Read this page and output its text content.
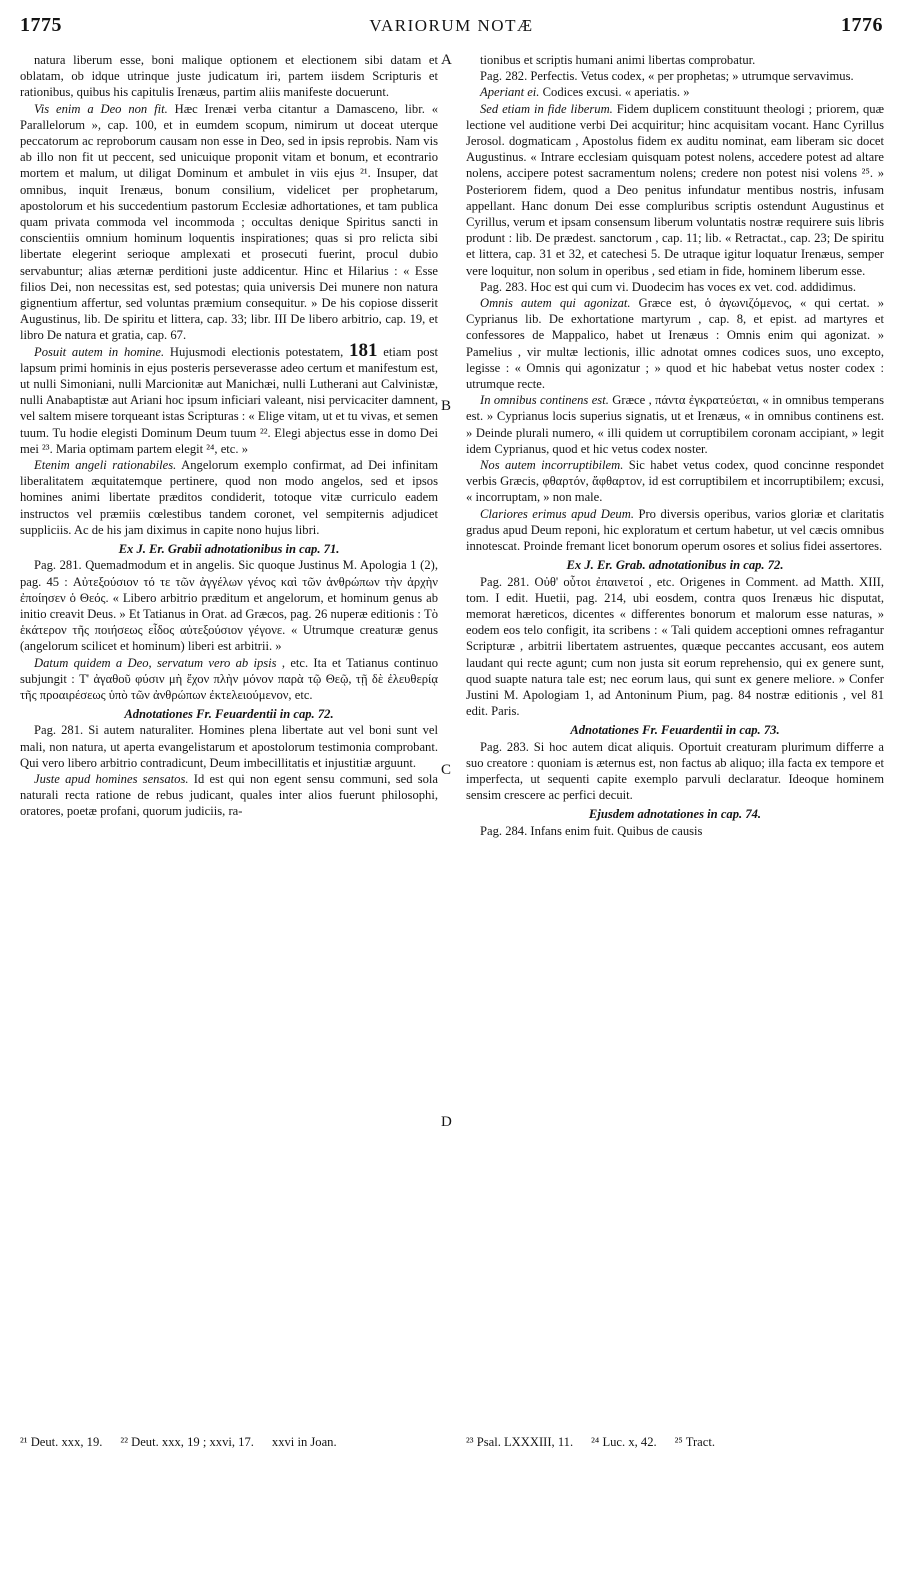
1775	VARIORUM NOTÆ	1776

natura liberum esse, boni malique optionem et electionem sibi datam et oblatam, ob idque utrinque juste judicatum iri, partem iisdem Scripturis et rationibus, quibus his capitulis Irenæus, partim aliis manifeste docuerunt.

Vis enim a Deo non fit. Hæc Irenæi verba citantur a Damasceno, libr. « Parallelorum », cap. 100, et in eumdem scopum, nimirum ut doceat uterque peccatorum ac reproborum causam non esse in Deo, sed in ipsis reprobis. Nam vis ab illo non fit ut peccent, sed unicuique proponit vitam et bonum, et econtrario mortem et malum, ut diligat Dominum et ambulet in viis ejus ²¹. Insuper, dat omnibus, inquit Irenæus, bonum consilium, videlicet per prophetarum, apostolorum et his succedentium pastorum Ecclesiæ adhortationes, et tam publica quam privata commoda vel incommoda ; occultas denique Spiritus sancti in conscientiis omnium hominum loquentis inspirationes; quas si pro relicta sibi libertate elegerint serioque amplexati et prosecuti fuerint, procul dubio servabuntur; alias æternæ perditioni juste addicentur. Hinc et Hilarius : « Esse filios Dei, non necessitas est, sed potestas; quia universis Dei munere non natura gignentium affertur, sed voluntas præmium consequitur. » De his copiose disserit Augustinus, lib. De spiritu et littera, cap. 33; libr. III De libero arbitrio, cap. 19, et libro De natura et gratia, cap. 67.

Posuit autem in homine. Hujusmodi electionis potestatem, 181 etiam post lapsum primi hominis in ejus posteris perseverasse adeo certum et manifestum est, ut nulli Simoniani, nulli Marcionitæ aut Manichæi, nulli Lutherani aut Calvinistæ, nulli Anabaptistæ aut Ariani hoc ipsum inficiari valeant, nisi pervicaciter damnent, vel saltem misere torqueant istas Scripturas : « Elige vitam, ut et tu vivas, et semen tuum. Tu hodie elegisti Dominum Deum tuum ²². Elegi abjectus esse in domo Dei mei ²³. Maria optimam partem elegit ²⁴, etc. »

Etenim angeli rationabiles. Angelorum exemplo confirmat, ad Dei infinitam liberalitatem æquitatemque pertinere, quod non modo angelos, sed et ipsos homines animi libertate præditos condiderit, totoque vitæ curriculo eadem instructos vel præmiis cœlestibus tandem coronet, vel sempiternis adjudicet suppliciis. Ac de his jam diximus in capite nono hujus libri.

Ex J. Er. Grabii adnotationibus in cap. 71.

Pag. 281. Quemadmodum et in angelis. Sic quoque Justinus M. Apologia 1 (2), pag. 45 : Αὐτεξούσιον τό τε τῶν ἀγγέλων γένος καὶ τῶν ἀνθρώπων τὴν ἀρχὴν ἐποίησεν ὁ Θεός. « Libero arbitrio præditum et angelorum, et hominum genus ab initio creavit Deus. » Et Tatianus in Orat. ad Græcos, pag. 26 nuperæ editionis : Τὸ ἑκάτερον τῆς ποιήσεως εἶδος αὐτεξούσιον γέγονε. « Utrumque creaturæ genus (angelorum scilicet et hominum) liberi est arbitrii. »

Datum quidem a Deo, servatum vero ab ipsis , etc. Ita et Tatianus continuo subjungit : Τ' ἀγαθοῦ φύσιν μὴ ἔχον πλὴν μόνον παρὰ τῷ Θεῷ, τῇ δὲ ἐλευθερίᾳ τῆς προαιρέσεως ὑπὸ τῶν ἀνθρώπων ἐκτελειούμενον, etc.

Adnotationes Fr. Feuardentii in cap. 72.

Pag. 281. Si autem naturaliter. Homines plena libertate aut vel boni sunt vel mali, non natura, ut aperta evangelistarum et apostolorum testimonia comprobant. Qui vero libero arbitrio contradicunt, Deum imbecillitatis et injustitiæ arguunt.

Juste apud homines sensatos. Id est qui non egent sensu communi, sed sola naturali recta ratione de rebus judicant, quales inter alios fuerunt philosophi, oratores, poetæ profani, quorum judiciis, ra-

tionibus et scriptis humani animi libertas comprobatur.

Pag. 282. Perfectis. Vetus codex, « per prophetas; » utrumque servavimus.

Aperiant ei. Codices excusi. « aperiatis. »

Sed etiam in fide liberum. Fidem duplicem constituunt theologi ; priorem, quæ lectione vel auditione verbi Dei acquiritur; hinc acquisitam vocant. Hanc Cyrillus Jerosol. dogmaticam , Apostolus fidem ex auditu nominat, eam liberam sic docet Augustinus. « Intrare ecclesiam quisquam potest nolens, accedere potest ad altare nolens, accipere potest sacramentum nolens; credere non potest nisi volens ²⁵. » Posteriorem fidem, quod a Deo penitus infundatur mentibus nostris, infusam appellant. Hanc donum Dei esse compluribus scriptis ostendunt Augustinus et Cyrillus, verum et ipsam consensum liberum voluntatis nostræ requirere suis libris produnt : lib. De prædest. sanctorum , cap. 11; lib. « Retractat., cap. 23; De spiritu et littera, cap. 31 et 32, et catechesi 5. De utraque igitur loquatur Irenæus, semper vere loquitur, non solum in operibus , sed etiam in fide, hominem liberum esse.

Pag. 283. Hoc est qui cum vi. Duodecim has voces ex vet. cod. addidimus.

Omnis autem qui agonizat. Græce est, ὁ ἀγωνιζόμενος, « qui certat. » Cyprianus lib. De exhortatione martyrum , cap. 8, et epist. ad martyres et confessores de Mappalico, habet ut Irenæus : Omnis enim qui agonizat. » Pamelius , vir multæ lectionis, illic adnotat omnes codices suos, uno excepto, legisse : « Omnis qui agonizatur ; » quod et hic habebat vetus noster codex : utrumque recte.

In omnibus continens est. Græce , πάντα ἐγκρατεύεται, « in omnibus temperans est. » Cyprianus locis superius signatis, ut et Irenæus, « in omnibus continens est. » Deinde plurali numero, « illi quidem ut corruptibilem coronam accipiant, » legit idem Cyprianus, quod et hic vetus codex noster.

Nos autem incorruptibilem. Sic habet vetus codex, quod concinne respondet verbis Græcis, φθαρτόν, ἄφθαρτον, id est corruptibilem et incorruptibilem; excusi, « incorruptam, » non male.

Clariores erimus apud Deum. Pro diversis operibus, varios gloriæ et claritatis gradus apud Deum reponi, hic exploratum et certum habetur, ut vel cæcis omnibus innotescat. Proinde fremant licet bonorum operum osores et solius fidei assertores.

Ex J. Er. Grab. adnotationibus in cap. 72.

Pag. 281. Οὐθ' οὗτοι ἐπαινετοί , etc. Origenes in Comment. ad Matth. XIII, tom. I edit. Huetii, pag. 214, ubi eosdem, contra quos Irenæus hic disputat, memorat hæreticos, dicentes « differentes bonorum et malorum esse naturas, » eodem eos telo configit, ita scribens : « Tali quidem acceptioni omnes refragantur Scripturæ , arbitrii libertatem astruentes, quæque peccantes accusant, eos autem laudant qui recte agunt; cum non justa sit eorum reprehensio, qui ex genere sunt, quod suapte natura tale est; nec eorum laus, qui sunt ex genere meliore. » Confer Justini M. Apologiam 1, ad Antoninum Pium, pag. 84 nostræ editionis , vel 81 edit. Paris.

Adnotationes Fr. Feuardentii in cap. 73.

Pag. 283. Si hoc autem dicat aliquis. Oportuit creaturam plurimum differre a suo creatore : quoniam is æternus est, non factus ab aliquo; illa facta ex tempore et imperfecta, ut sequenti capite exemplo parvuli declaratur. Ideoque hominem sensim crescere ac perfici decuit.

Ejusdem adnotationes in cap. 74.

Pag. 284. Infans enim fuit. Quibus de causis

A
B
C
D
²¹ Deut. xxx, 19. ²² Deut. xxx, 19 ; xxvi, 17. xxvi in Joan.	²³ Psal. LXXXIII, 11. ²⁴ Luc. x, 42. ²⁵ Tract.
